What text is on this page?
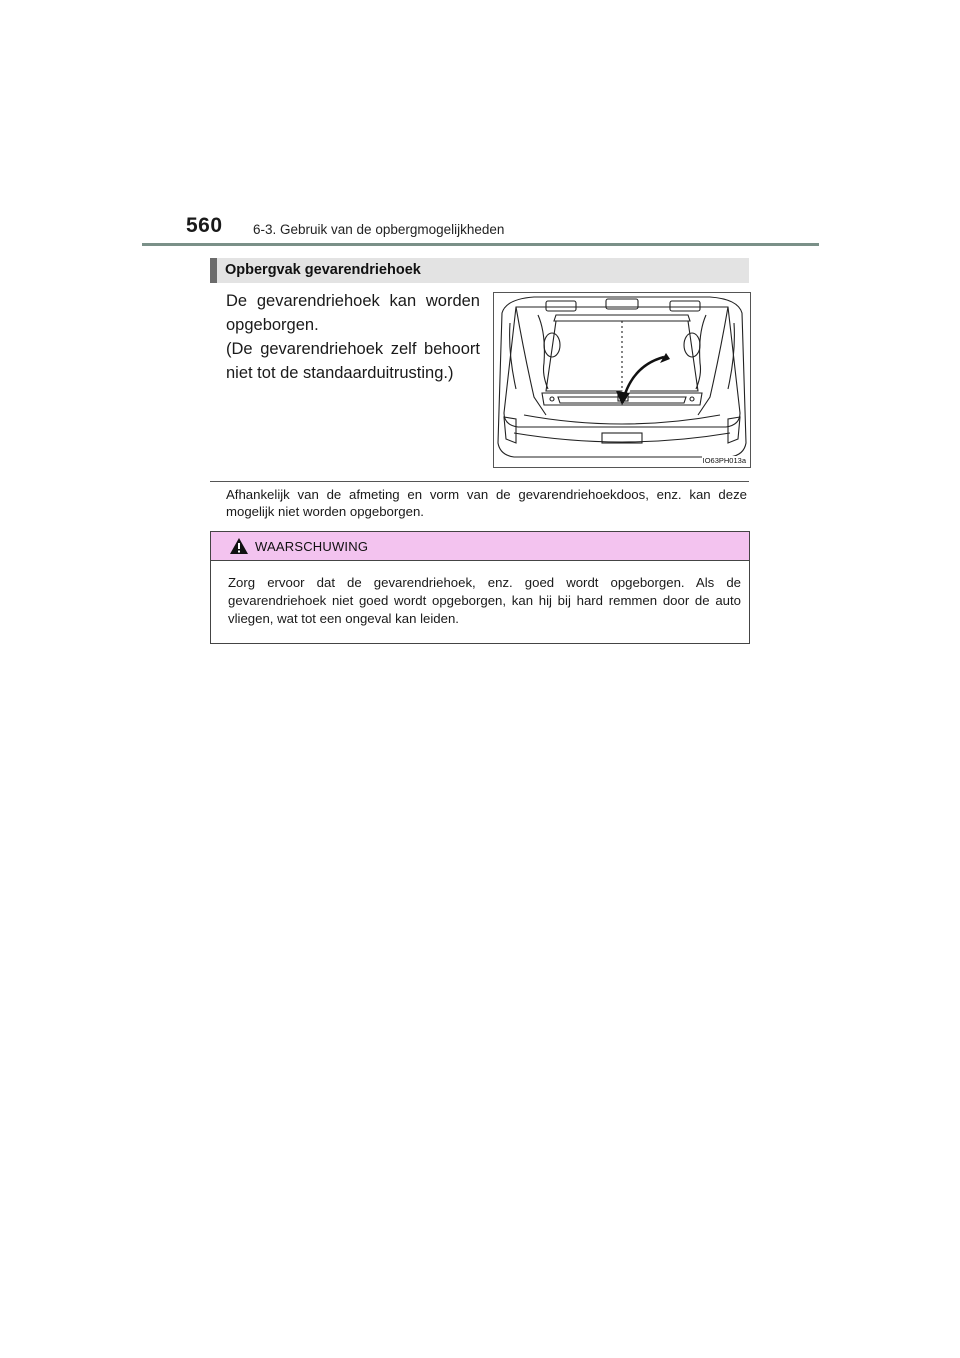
560 6-3. Gebruik van de opbergmogelijkheden
Opbergvak gevarendriehoek

De gevarendriehoek kan worden opgeborgen.

(De gevarendriehoek zelf behoort niet tot de standaarduitrusting.)

IO63PH013a

Afhankelijk van de afmeting en vorm van de gevarendriehoekdoos, enz. kan deze mogelijk niet worden opgeborgen.

WAARSCHUWING

Zorg ervoor dat de gevarendriehoek, enz. goed wordt opgeborgen. Als de gevarendriehoek niet goed wordt opgeborgen, kan hij bij hard remmen door de auto vliegen, wat tot een ongeval kan leiden.
